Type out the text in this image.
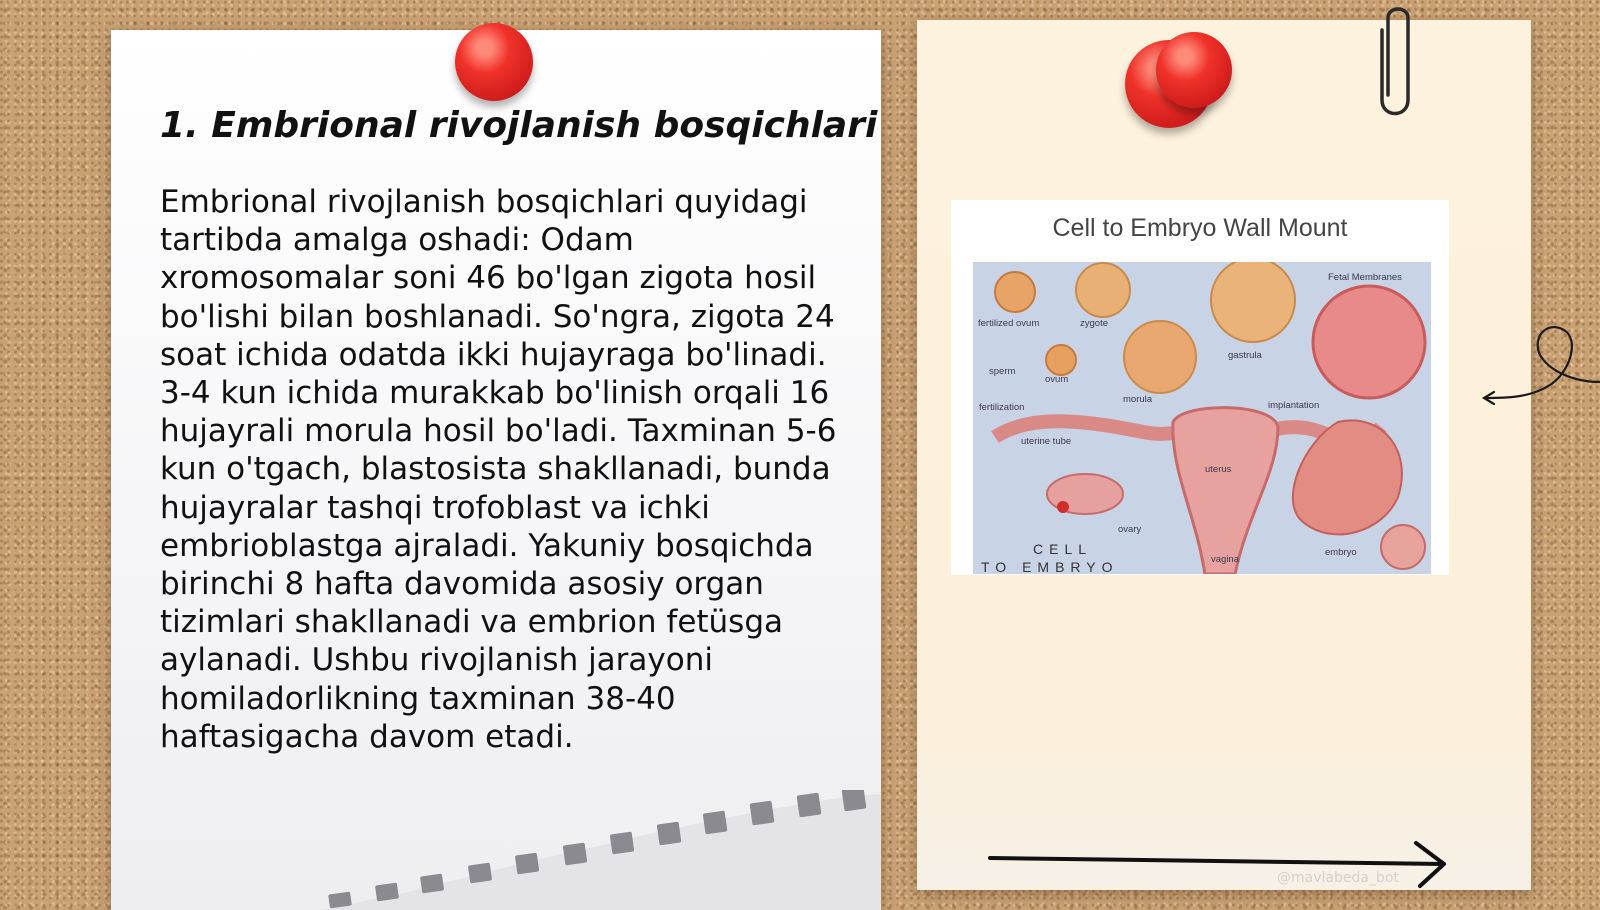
1. Embrional rivojlanish bosqichlari

Embrional rivojlanish bosqichlari quyidagi tartibda amalga oshadi: Odam xromosomalar soni 46 bo'lgan zigota hosil bo'lishi bilan boshlanadi. So'ngra, zigota 24 soat ichida odatda ikki hujayraga bo'linadi. 3-4 kun ichida murakkab bo'linish orqali 16 hujayrali morula hosil bo'ladi. Taxminan 5-6 kun o'tgach, blastosista shakllanadi, bunda hujayralar tashqi trofoblast va ichki embrioblastga ajraladi. Yakuniy bosqichda birinchi 8 hafta davomida asosiy organ tizimlari shakllanadi va embrion fetüsga aylanadi. Ushbu rivojlanish jarayoni homiladorlikning taxminan 38-40 haftasigacha davom etadi.

Cell to Embryo Wall Mount
Fetal Membranes
zygote
fertilized ovum
gastrula
sperm
ovum
morula
fertilization	implantation
uterine tube
uterus
ovary
vagina
embryo
CELL
TO EMBRYO
@mavlabeda_bot
